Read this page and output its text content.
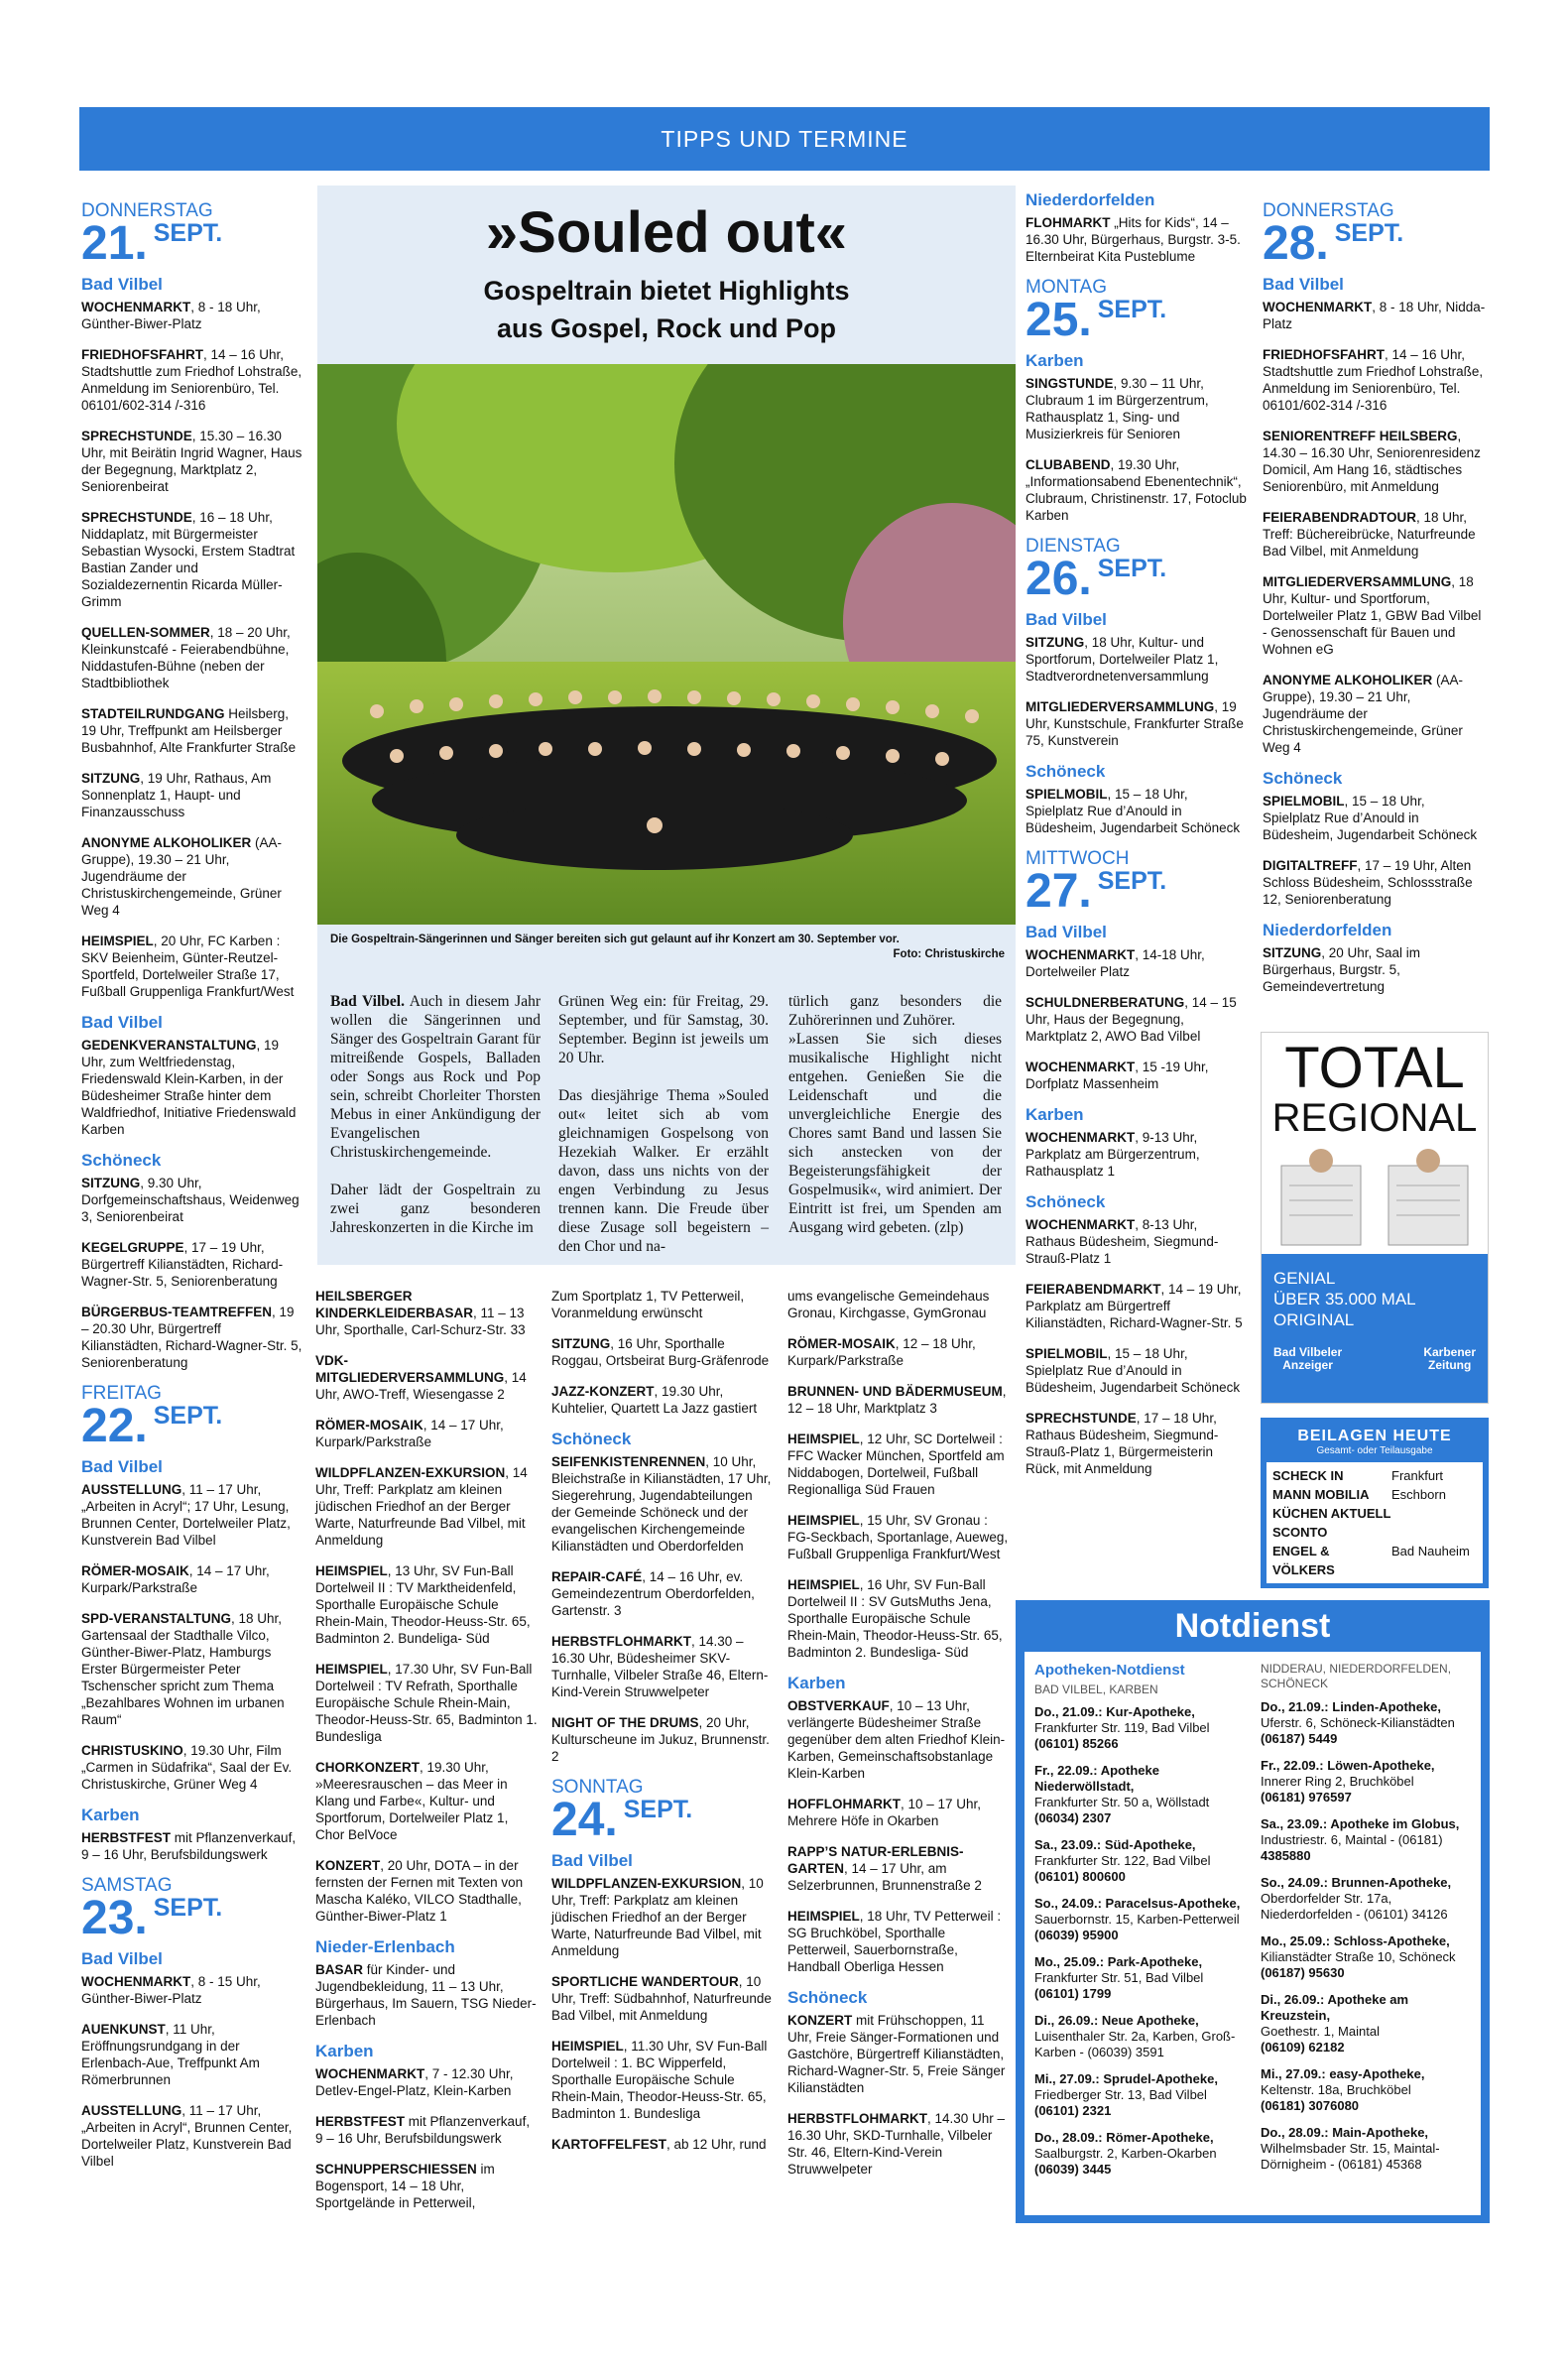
TIPPS UND TERMINE
DONNERSTAG
21. SEPT.
Bad Vilbel
WOCHENMARKT, 8 - 18 Uhr, Günther-Biwer-Platz
FRIEDHOFSFAHRT, 14 – 16 Uhr, Stadtshuttle zum Friedhof Lohstraße, Anmeldung im Seniorenbüro, Tel. 06101/602-314 /-316
SPRECHSTUNDE, 15.30 – 16.30 Uhr, mit Beirätin Ingrid Wagner, Haus der Begegnung, Marktplatz 2, Seniorenbeirat
SPRECHSTUNDE, 16 – 18 Uhr, Niddaplatz, mit Bürgermeister Sebastian Wysocki, Erstem Stadtrat Bastian Zander und Sozialdezernentin Ricarda Müller-Grimm
QUELLEN-SOMMER, 18 – 20 Uhr, Kleinkunstcafé - Feierabendbühne, Niddastufen-Bühne (neben der Stadtbibliothek
STADTEILRUNDGANG Heilsberg, 19 Uhr, Treffpunkt am Heilsberger Busbahnhof, Alte Frankfurter Straße
SITZUNG, 19 Uhr, Rathaus, Am Sonnenplatz 1, Haupt- und Finanzausschuss
ANONYME ALKOHOLIKER (AA-Gruppe), 19.30 – 21 Uhr, Jugendräume der Christuskirchengemeinde, Grüner Weg 4
HEIMSPIEL, 20 Uhr, FC Karben : SKV Beienheim, Günter-Reutzel-Sportfeld, Dortelweiler Straße 17, Fußball Gruppenliga Frankfurt/West
Bad Vilbel
GEDENKVERANSTALTUNG, 19 Uhr, zum Weltfriedenstag, Friedenswald Klein-Karben, in der Büdesheimer Straße hinter dem Waldfriedhof, Initiative Friedenswald Karben
Schöneck
SITZUNG, 9.30 Uhr, Dorfgemeinschaftshaus, Weidenweg 3, Seniorenbeirat
KEGELGRUPPE, 17 – 19 Uhr, Bürgertreff Kilianstädten, Richard-Wagner-Str. 5, Seniorenberatung
BÜRGERBUS-TEAMTREFFEN, 19 – 20.30 Uhr, Bürgertreff Kilianstädten, Richard-Wagner-Str. 5, Seniorenberatung
FREITAG
22. SEPT.
Bad Vilbel
AUSSTELLUNG, 11 – 17 Uhr, „Arbeiten in Acryl“; 17 Uhr, Lesung, Brunnen Center, Dortelweiler Platz, Kunstverein Bad Vilbel
RÖMER-MOSAIK, 14 – 17 Uhr, Kurpark/Parkstraße
SPD-VERANSTALTUNG, 18 Uhr, Gartensaal der Stadthalle Vilco, Günther-Biwer-Platz, Hamburgs Erster Bürgermeister Peter Tschenscher spricht zum Thema „Bezahlbares Wohnen im urbanen Raum“
CHRISTUSKINO, 19.30 Uhr, Film „Carmen in Südafrika“, Saal der Ev. Christuskirche, Grüner Weg 4
Karben
HERBSTFEST mit Pflanzenverkauf, 9 – 16 Uhr, Berufsbildungswerk
SAMSTAG
23. SEPT.
Bad Vilbel
WOCHENMARKT, 8 - 15 Uhr, Günther-Biwer-Platz
AUENKUNST, 11 Uhr, Eröffnungsrundgang in der Erlenbach-Aue, Treffpunkt Am Römerbrunnen
AUSSTELLUNG, 11 – 17 Uhr, „Arbeiten in Acryl“, Brunnen Center, Dortelweiler Platz, Kunstverein Bad Vilbel
»Souled out«
Gospeltrain bietet Highlights
aus Gospel, Rock und Pop
Die Gospeltrain-Sängerinnen und Sänger bereiten sich gut gelaunt auf ihr Konzert am 30. September vor.
Foto: Christuskirche

Bad Vilbel. Auch in diesem Jahr wollen die Sängerinnen und Sänger des Gospeltrain Garant für mitreißende Gospels, Balladen oder Songs aus Rock und Pop sein, schreibt Chorleiter Thorsten Mebus in einer Ankündigung der Evangelischen Christuskirchengemeinde.

Daher lädt der Gospeltrain zu zwei ganz besonderen Jahreskonzerten in die Kirche im

Grünen Weg ein: für Freitag, 29. September, und für Samstag, 30. September. Beginn ist jeweils um 20 Uhr.

Das diesjährige Thema »Souled out« leitet sich ab vom gleichnamigen Gospelsong von Hezekiah Walker. Er erzählt davon, dass uns nichts von der engen Verbindung zu Jesus trennen kann. Die Freude über diese Zusage soll begeistern – den Chor und na-

türlich ganz besonders die Zuhörerinnen und Zuhörer.

»Lassen Sie sich dieses musikalische Highlight nicht entgehen. Genießen Sie die Leidenschaft und die unvergleichliche Energie des Chores samt Band und lassen Sie sich anstecken von der Begeisterungsfähigkeit der Gospelmusik«, wird animiert. Der Eintritt ist frei, um Spenden am Ausgang wird gebeten. (zlp)

HEILSBERGER KINDERKLEIDERBASAR, 11 – 13 Uhr, Sporthalle, Carl-Schurz-Str. 33
VDK-MITGLIEDERVERSAMMLUNG, 14 Uhr, AWO-Treff, Wiesengasse 2
RÖMER-MOSAIK, 14 – 17 Uhr, Kurpark/Parkstraße
WILDPFLANZEN-EXKURSION, 14 Uhr, Treff: Parkplatz am kleinen jüdischen Friedhof an der Berger Warte, Naturfreunde Bad Vilbel, mit Anmeldung
HEIMSPIEL, 13 Uhr, SV Fun-Ball Dortelweil II : TV Marktheidenfeld, Sporthalle Europäische Schule Rhein-Main, Theodor-Heuss-Str. 65, Badminton 2. Bundeliga- Süd
HEIMSPIEL, 17.30 Uhr, SV Fun-Ball Dortelweil : TV Refrath, Sporthalle Europäische Schule Rhein-Main, Theodor-Heuss-Str. 65, Badminton 1. Bundesliga
CHORKONZERT, 19.30 Uhr, »Meeresrauschen – das Meer in Klang und Farbe«, Kultur- und Sportforum, Dortelweiler Platz 1, Chor BelVoce
KONZERT, 20 Uhr, DOTA – in der fernsten der Fernen mit Texten von Mascha Kaléko, VILCO Stadthalle, Günther-Biwer-Platz 1
Nieder-Erlenbach
BASAR für Kinder- und Jugendbekleidung, 11 – 13 Uhr, Bürgerhaus, Im Sauern, TSG Nieder-Erlenbach
Karben
WOCHENMARKT, 7 - 12.30 Uhr, Detlev-Engel-Platz, Klein-Karben
HERBSTFEST mit Pflanzenverkauf, 9 – 16 Uhr, Berufsbildungswerk
SCHNUPPERSCHIESSEN im Bogensport, 14 – 18 Uhr, Sportgelände in Petterweil,
Zum Sportplatz 1, TV Petterweil, Voranmeldung erwünscht
SITZUNG, 16 Uhr, Sporthalle Roggau, Ortsbeirat Burg-Gräfenrode
JAZZ-KONZERT, 19.30 Uhr, Kuhtelier, Quartett La Jazz gastiert
Schöneck
SEIFENKISTENRENNEN, 10 Uhr, Bleichstraße in Kilianstädten, 17 Uhr, Siegerehrung, Jugendabteilungen der Gemeinde Schöneck und der evangelischen Kirchengemeinde Kilianstädten und Oberdorfelden
REPAIR-CAFÉ, 14 – 16 Uhr, ev. Gemeindezentrum Oberdorfelden, Gartenstr. 3
HERBSTFLOHMARKT, 14.30 – 16.30 Uhr, Büdesheimer SKV-Turnhalle, Vilbeler Straße 46, Eltern-Kind-Verein Struwwelpeter
NIGHT OF THE DRUMS, 20 Uhr, Kulturscheune im Jukuz, Brunnenstr. 2
SONNTAG
24. SEPT.
Bad Vilbel
WILDPFLANZEN-EXKURSION, 10 Uhr, Treff: Parkplatz am kleinen jüdischen Friedhof an der Berger Warte, Naturfreunde Bad Vilbel, mit Anmeldung
SPORTLICHE WANDERTOUR, 10 Uhr, Treff: Südbahnhof, Naturfreunde Bad Vilbel, mit Anmeldung
HEIMSPIEL, 11.30 Uhr, SV Fun-Ball Dortelweil : 1. BC Wipperfeld, Sporthalle Europäische Schule Rhein-Main, Theodor-Heuss-Str. 65, Badminton 1. Bundesliga
KARTOFFELFEST, ab 12 Uhr, rund
ums evangelische Gemeindehaus Gronau, Kirchgasse, GymGronau
RÖMER-MOSAIK, 12 – 18 Uhr, Kurpark/Parkstraße
BRUNNEN- UND BÄDERMUSEUM, 12 – 18 Uhr, Marktplatz 3
HEIMSPIEL, 12 Uhr, SC Dortelweil : FFC Wacker München, Sportfeld am Niddabogen, Dortelweil, Fußball Regionalliga Süd Frauen
HEIMSPIEL, 15 Uhr, SV Gronau : FG-Seckbach, Sportanlage, Aueweg, Fußball Gruppenliga Frankfurt/West
HEIMSPIEL, 16 Uhr, SV Fun-Ball Dortelweil II : SV GutsMuths Jena, Sporthalle Europäische Schule Rhein-Main, Theodor-Heuss-Str. 65, Badminton 2. Bundesliga- Süd
Karben
OBSTVERKAUF, 10 – 13 Uhr, verlängerte Büdesheimer Straße gegenüber dem alten Friedhof Klein-Karben, Gemeinschaftsobstanlage Klein-Karben
HOFFLOHMARKT, 10 – 17 Uhr, Mehrere Höfe in Okarben
RAPP’S NATUR-ERLEBNIS-GARTEN, 14 – 17 Uhr, am Selzerbrunnen, Brunnenstraße 2
HEIMSPIEL, 18 Uhr, TV Petterweil : SG Bruchköbel, Sporthalle Petterweil, Sauerbornstraße, Handball Oberliga Hessen
Schöneck
KONZERT mit Frühschoppen, 11 Uhr, Freie Sänger-Formationen und Gastchöre, Bürgertreff Kilianstädten, Richard-Wagner-Str. 5, Freie Sänger Kilianstädten
HERBSTFLOHMARKT, 14.30 Uhr – 16.30 Uhr, SKD-Turnhalle, Vilbeler Str. 46, Eltern-Kind-Verein Struwwelpeter
Niederdorfelden
FLOHMARKT „Hits for Kids“, 14 – 16.30 Uhr, Bürgerhaus, Burgstr. 3-5. Elternbeirat Kita Pusteblume
MONTAG
25. SEPT.
Karben
SINGSTUNDE, 9.30 – 11 Uhr, Clubraum 1 im Bürgerzentrum, Rathausplatz 1, Sing- und Musizierkreis für Senioren
CLUBABEND, 19.30 Uhr, „Informationsabend Ebenentechnik“, Clubraum, Christinenstr. 17, Fotoclub Karben
DIENSTAG
26. SEPT.
Bad Vilbel
SITZUNG, 18 Uhr, Kultur- und Sportforum, Dortelweiler Platz 1, Stadtverordnetenversammlung
MITGLIEDERVERSAMMLUNG, 19 Uhr, Kunstschule, Frankfurter Straße 75, Kunstverein
Schöneck
SPIELMOBIL, 15 – 18 Uhr, Spielplatz Rue d’Anould in Büdesheim, Jugendarbeit Schöneck
MITTWOCH
27. SEPT.
Bad Vilbel
WOCHENMARKT, 14-18 Uhr, Dortelweiler Platz
SCHULDNERBERATUNG, 14 – 15 Uhr, Haus der Begegnung, Marktplatz 2, AWO Bad Vilbel
WOCHENMARKT, 15 -19 Uhr, Dorfplatz Massenheim
Karben
WOCHENMARKT, 9-13 Uhr, Parkplatz am Bürgerzentrum, Rathausplatz 1
Schöneck
WOCHENMARKT, 8-13 Uhr, Rathaus Büdesheim, Siegmund-Strauß-Platz 1
FEIERABENDMARKT, 14 – 19 Uhr, Parkplatz am Bürgertreff Kilianstädten, Richard-Wagner-Str. 5
SPIELMOBIL, 15 – 18 Uhr, Spielplatz Rue d’Anould in Büdesheim, Jugendarbeit Schöneck
SPRECHSTUNDE, 17 – 18 Uhr, Rathaus Büdesheim, Siegmund-Strauß-Platz 1, Bürgermeisterin Rück, mit Anmeldung
DONNERSTAG
28. SEPT.
Bad Vilbel
WOCHENMARKT, 8 - 18 Uhr, Nidda-Platz
FRIEDHOFSFAHRT, 14 – 16 Uhr, Stadtshuttle zum Friedhof Lohstraße, Anmeldung im Seniorenbüro, Tel. 06101/602-314 /-316
SENIORENTREFF HEILSBERG, 14.30 – 16.30 Uhr, Seniorenresidenz Domicil, Am Hang 16, städtisches Seniorenbüro, mit Anmeldung
FEIERABENDRADTOUR, 18 Uhr, Treff: Büchereibrücke, Naturfreunde Bad Vilbel, mit Anmeldung
MITGLIEDERVERSAMMLUNG, 18 Uhr, Kultur- und Sportforum, Dortelweiler Platz 1, GBW Bad Vilbel - Genossenschaft für Bauen und Wohnen eG
ANONYME ALKOHOLIKER (AA-Gruppe), 19.30 – 21 Uhr, Jugendräume der Christuskirchengemeinde, Grüner Weg 4
Schöneck
SPIELMOBIL, 15 – 18 Uhr, Spielplatz Rue d’Anould in Büdesheim, Jugendarbeit Schöneck
DIGITALTREFF, 17 – 19 Uhr, Alten Schloss Büdesheim, Schlossstraße 12, Seniorenberatung
Niederdorfelden
SITZUNG, 20 Uhr, Saal im Bürgerhaus, Burgstr. 5, Gemeindevertretung
TOTAL
REGIONAL
GENIAL
ÜBER 35.000 MAL
ORIGINAL
Bad Vilbeler
Anzeiger
Karbener
Zeitung
BEILAGEN HEUTE
Gesamt- oder Teilausgabe
SCHECK IN	Frankfurt
MANN MOBILIA	Eschborn
KÜCHEN AKTUELL
SCONTO
ENGEL & VÖLKERS
Bad Nauheim
Notdienst
Apotheken-Notdienst
BAD VILBEL, KARBEN
Do., 21.09.: Kur-Apotheke,
Frankfurter Str. 119, Bad Vilbel
(06101) 85266
Fr., 22.09.: Apotheke Niederwöllstadt,
Frankfurter Str. 50 a, Wöllstadt
(06034) 2307
Sa., 23.09.: Süd-Apotheke,
Frankfurter Str. 122, Bad Vilbel
(06101) 800600
So., 24.09.: Paracelsus-Apotheke,
Sauerbornstr. 15, Karben-Petterweil
(06039) 95900
Mo., 25.09.: Park-Apotheke,
Frankfurter Str. 51, Bad Vilbel
(06101) 1799
Di., 26.09.: Neue Apotheke,
Luisenthaler Str. 2a, Karben, Groß-Karben - (06039) 3591
Mi., 27.09.: Sprudel-Apotheke,
Friedberger Str. 13, Bad Vilbel
(06101) 2321
Do., 28.09.: Römer-Apotheke,
Saalburgstr. 2, Karben-Okarben
(06039) 3445
NIDDERAU, NIEDERDORFELDEN, SCHÖNECK
Do., 21.09.: Linden-Apotheke,
Uferstr. 6, Schöneck-Kilianstädten
(06187) 5449
Fr., 22.09.: Löwen-Apotheke,
Innerer Ring 2, Bruchköbel
(06181) 976597
Sa., 23.09.: Apotheke im Globus,
Industriestr. 6, Maintal - (06181)
4385880
So., 24.09.: Brunnen-Apotheke,
Oberdorfelder Str. 17a, Niederdorfelden - (06101) 34126
Mo., 25.09.: Schloss-Apotheke,
Kilianstädter Straße 10, Schöneck
(06187) 95630
Di., 26.09.: Apotheke am Kreuzstein,
Goethestr. 1, Maintal
(06109) 62182
Mi., 27.09.: easy-Apotheke,
Keltenstr. 18a, Bruchköbel
(06181) 3076080
Do., 28.09.: Main-Apotheke,
Wilhelmsbader Str. 15, Maintal-Dörnigheim - (06181) 45368
